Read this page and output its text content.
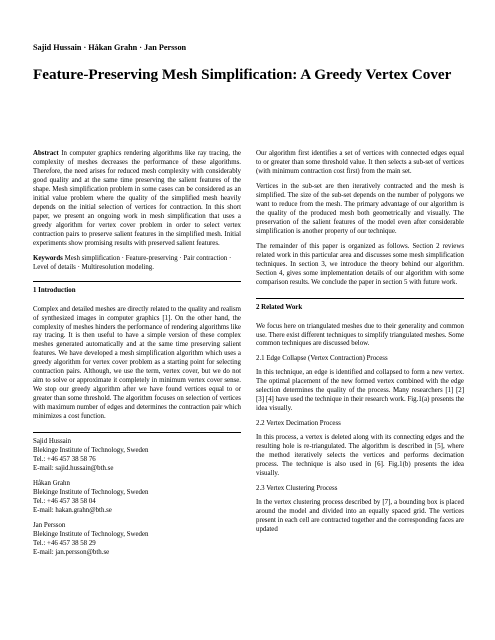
Sajid Hussain · Håkan Grahn · Jan Persson
Feature-Preserving Mesh Simplification: A Greedy Vertex Cover

Abstract In computer graphics rendering algorithms like ray tracing, the complexity of meshes decreases the performance of these algorithms. Therefore, the need arises for reduced mesh complexity with considerably good quality and at the same time preserving the salient features of the shape. Mesh simplification problem in some cases can be considered as an initial value problem where the quality of the simplified mesh heavily depends on the initial selection of vertices for contraction. In this short paper, we present an ongoing work in mesh simplification that uses a greedy algorithm for vertex cover problem in order to select vertex contraction pairs to preserve salient features in the simplified mesh. Initial experiments show promising results with preserved salient features.

Keywords Mesh simplification · Feature-preserving · Pair contraction · Level of details · Multiresolution modeling.

1 Introduction

Complex and detailed meshes are directly related to the quality and realism of synthesized images in computer graphics [1]. On the other hand, the complexity of meshes hinders the performance of rendering algorithms like ray tracing. It is then useful to have a simple version of these complex meshes generated automatically and at the same time preserving salient features. We have developed a mesh simplification algorithm which uses a greedy algorithm for vertex cover problem as a starting point for selecting contraction pairs. Although, we use the term, vertex cover, but we do not aim to solve or approximate it completely in minimum vertex cover sense. We stop our greedy algorithm after we have found vertices equal to or greater than some threshold. The algorithm focuses on selection of vertices with maximum number of edges and determines the contraction pair which minimizes a cost function.

Sajid Hussain
Blekinge Institute of Technology, Sweden
Tel.: +46 457 38 58 76
E-mail: sajid.hussain@bth.se
Håkan Grahn
Blekinge Institute of Technology, Sweden
Tel.: +46 457 38 58 04
E-mail: hakan.grahn@bth.se
Jan Persson
Blekinge Institute of Technology, Sweden
Tel.: +46 457 38 58 29
E-mail: jan.persson@bth.se

Our algorithm first identifies a set of vertices with connected edges equal to or greater than some threshold value. It then selects a sub-set of vertices (with minimum contraction cost first) from the main set.

Vertices in the sub-set are then iteratively contracted and the mesh is simplified. The size of the sub-set depends on the number of polygons we want to reduce from the mesh. The primary advantage of our algorithm is the quality of the produced mesh both geometrically and visually. The preservation of the salient features of the model even after considerable simplification is another property of our technique.

The remainder of this paper is organized as follows. Section 2 reviews related work in this particular area and discusses some mesh simplification techniques. In section 3, we introduce the theory behind our algorithm. Section 4, gives some implementation details of our algorithm with some comparison results. We conclude the paper in section 5 with future work.

2 Related Work

We focus here on triangulated meshes due to their generality and common use. There exist different techniques to simplify triangulated meshes. Some common techniques are discussed below.

2.1 Edge Collapse (Vertex Contraction) Process

In this technique, an edge is identified and collapsed to form a new vertex. The optimal placement of the new formed vertex combined with the edge selection determines the quality of the process. Many researchers [1] [2] [3] [4] have used the technique in their research work. Fig.1(a) presents the idea visually.

2.2 Vertex Decimation Process

In this process, a vertex is deleted along with its connecting edges and the resulting hole is re-triangulated. The algorithm is described in [5], where the method iteratively selects the vertices and performs decimation process. The technique is also used in [6]. Fig.1(b) presents the idea visually.

2.3 Vertex Clustering Process

In the vertex clustering process described by [7], a bounding box is placed around the model and divided into an equally spaced grid. The vertices present in each cell are contracted together and the corresponding faces are updated
